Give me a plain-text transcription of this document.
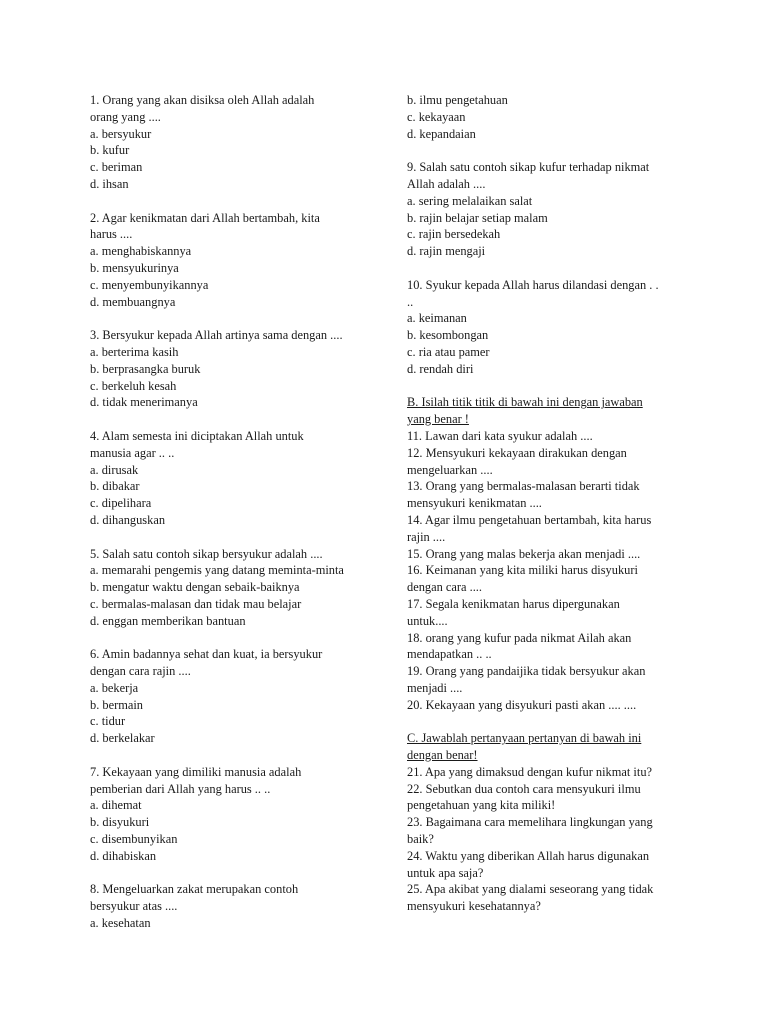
1. Orang yang akan disiksa oleh Allah adalah

orang yang ....

a. bersyukur

b. kufur

c. beriman

d. ihsan

2. Agar kenikmatan dari Allah bertambah, kita

harus ....

a. menghabiskannya

b. mensyukurinya

c. menyembunyikannya

d. membuangnya

3. Bersyukur kepada Allah artinya sama dengan ....

a. berterima kasih

b. berprasangka buruk

c. berkeluh kesah

d. tidak menerimanya

4. Alam semesta ini diciptakan Allah untuk

manusia agar .. ..

a. dirusak

b. dibakar

c. dipelihara

d. dihanguskan

5. Salah satu contoh sikap bersyukur adalah ....

a. memarahi pengemis yang datang meminta-minta

b. mengatur waktu dengan sebaik-baiknya

c. bermalas-malasan dan tidak mau belajar

d. enggan memberikan bantuan

6. Amin badannya sehat dan kuat, ia bersyukur

dengan cara rajin ....

a. bekerja

b. bermain

c. tidur

d. berkelakar

7. Kekayaan yang dimiliki manusia adalah

pemberian dari Allah yang harus .. ..

a. dihemat

b. disyukuri

c. disembunyikan

d. dihabiskan

8. Mengeluarkan zakat merupakan contoh

bersyukur atas ....

a. kesehatan

b. ilmu pengetahuan

c. kekayaan

d. kepandaian

9. Salah satu contoh sikap kufur terhadap nikmat

Allah adalah ....

a. sering melalaikan salat

b. rajin belajar setiap malam

c. rajin bersedekah

d. rajin mengaji

10. Syukur kepada Allah harus dilandasi dengan . .

..

a. keimanan

b. kesombongan

c. ria atau pamer

d. rendah diri

B. Isilah titik titik di bawah ini dengan jawaban

yang benar !

11. Lawan dari kata syukur adalah ....

12. Mensyukuri kekayaan dirakukan dengan

mengeluarkan ....

13. Orang yang bermalas-malasan berarti tidak

mensyukuri kenikmatan ....

14. Agar ilmu pengetahuan bertambah, kita harus

rajin ....

15. Orang yang malas bekerja akan menjadi ....

16. Keimanan yang kita miliki harus disyukuri

dengan cara ....

17. Segala kenikmatan harus dipergunakan

untuk....

18. orang yang kufur pada nikmat Ailah akan

mendapatkan .. ..

19. Orang yang pandaijika tidak bersyukur akan

menjadi ....

20. Kekayaan yang disyukuri pasti akan .... ....

C. Jawablah pertanyaan pertanyan di bawah ini

dengan benar!

21. Apa yang dimaksud dengan kufur nikmat itu?

22. Sebutkan dua contoh cara mensyukuri ilmu

pengetahuan yang kita miliki!

23. Bagaimana cara memelihara lingkungan yang

baik?

24. Waktu yang diberikan Allah harus digunakan

untuk apa saja?

25. Apa akibat yang dialami seseorang yang tidak

mensyukuri kesehatannya?
